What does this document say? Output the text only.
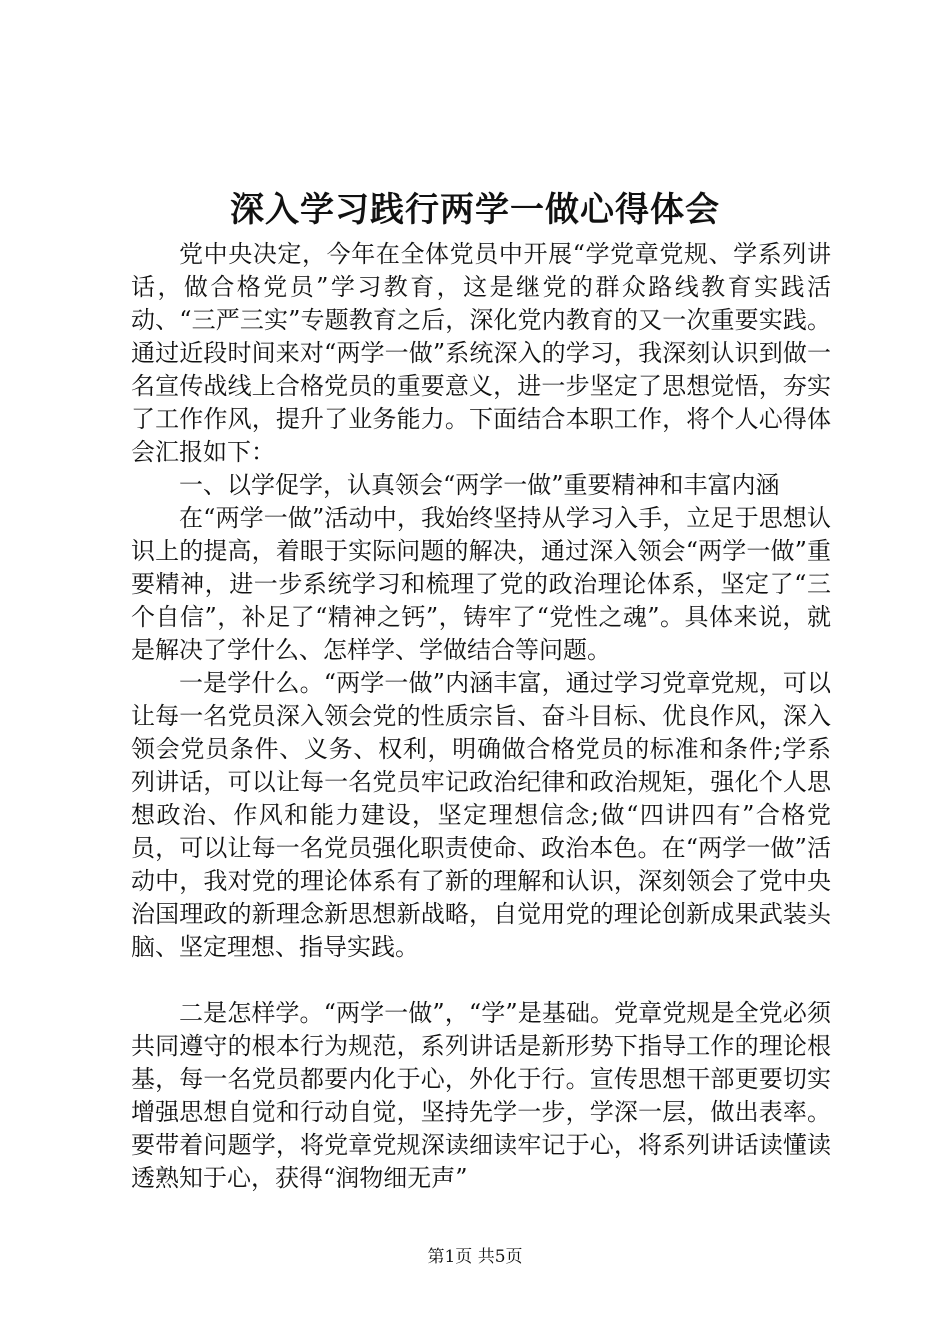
深入学习践行两学一做心得体会

党中央决定，今年在全体党员中开展“学党章党规、学系列讲话，做合格党员”学习教育，这是继党的群众路线教育实践活动、“三严三实”专题教育之后，深化党内教育的又一次重要实践。通过近段时间来对“两学一做”系统深入的学习，我深刻认识到做一名宣传战线上合格党员的重要意义，进一步坚定了思想觉悟，夯实了工作作风，提升了业务能力。下面结合本职工作，将个人心得体会汇报如下：

一、以学促学，认真领会“两学一做”重要精神和丰富内涵

在“两学一做”活动中，我始终坚持从学习入手，立足于思想认识上的提高，着眼于实际问题的解决，通过深入领会“两学一做”重要精神，进一步系统学习和梳理了党的政治理论体系，坚定了“三个自信”，补足了“精神之钙”，铸牢了“党性之魂”。具体来说，就是解决了学什么、怎样学、学做结合等问题。

一是学什么。“两学一做”内涵丰富，通过学习党章党规，可以让每一名党员深入领会党的性质宗旨、奋斗目标、优良作风，深入领会党员条件、义务、权利，明确做合格党员的标准和条件;学系列讲话，可以让每一名党员牢记政治纪律和政治规矩，强化个人思想政治、作风和能力建设，坚定理想信念;做“四讲四有”合格党员，可以让每一名党员强化职责使命、政治本色。在“两学一做”活动中，我对党的理论体系有了新的理解和认识，深刻领会了党中央治国理政的新理念新思想新战略，自觉用党的理论创新成果武装头脑、坚定理想、指导实践。

二是怎样学。“两学一做”，“学”是基础。党章党规是全党必须共同遵守的根本行为规范，系列讲话是新形势下指导工作的理论根基，每一名党员都要内化于心，外化于行。宣传思想干部更要切实增强思想自觉和行动自觉，坚持先学一步，学深一层，做出表率。要带着问题学，将党章党规深读细读牢记于心，将系列讲话读懂读透熟知于心，获得“润物细无声”

第1页 共5页
